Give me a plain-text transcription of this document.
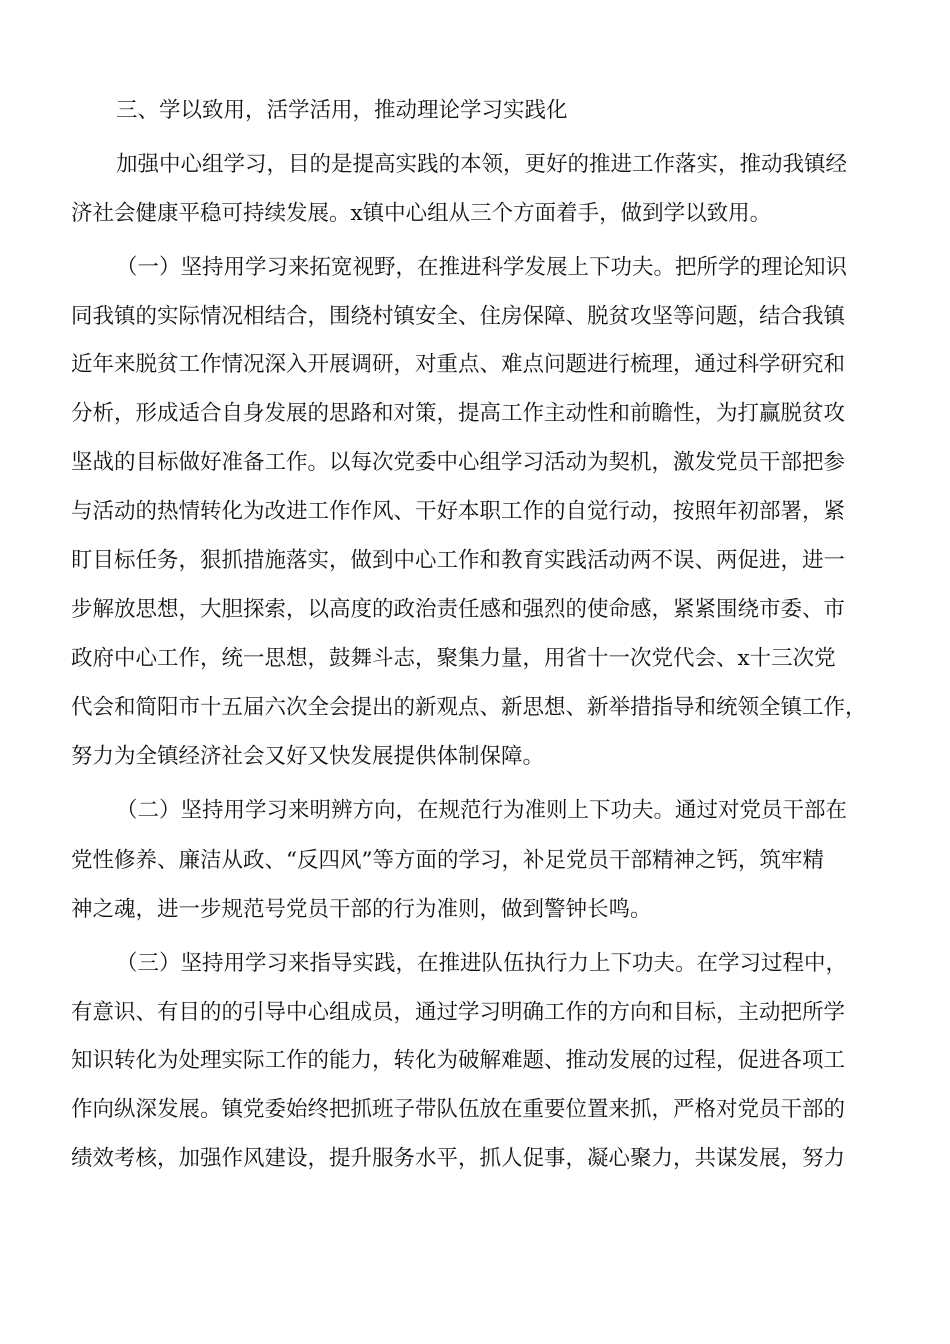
三、学以致用，活学活用，推动理论学习实践化

加强中心组学习，目的是提高实践的本领，更好的推进工作落实，推动我镇经

济社会健康平稳可持续发展。x镇中心组从三个方面着手，做到学以致用。

（一）坚持用学习来拓宽视野，在推进科学发展上下功夫。把所学的理论知识

同我镇的实际情况相结合，围绕村镇安全、住房保障、脱贫攻坚等问题，结合我镇

近年来脱贫工作情况深入开展调研，对重点、难点问题进行梳理，通过科学研究和

分析，形成适合自身发展的思路和对策，提高工作主动性和前瞻性，为打赢脱贫攻

坚战的目标做好准备工作。以每次党委中心组学习活动为契机，激发党员干部把参

与活动的热情转化为改进工作作风、干好本职工作的自觉行动，按照年初部署，紧

盯目标任务，狠抓措施落实，做到中心工作和教育实践活动两不误、两促进，进一

步解放思想，大胆探索，以高度的政治责任感和强烈的使命感，紧紧围绕市委、市

政府中心工作，统一思想，鼓舞斗志，聚集力量，用省十一次党代会、x十三次党

代会和简阳市十五届六次全会提出的新观点、新思想、新举措指导和统领全镇工作，

努力为全镇经济社会又好又快发展提供体制保障。

（二）坚持用学习来明辨方向，在规范行为准则上下功夫。通过对党员干部在

党性修养、廉洁从政、“反四风”等方面的学习，补足党员干部精神之钙，筑牢精

神之魂，进一步规范号党员干部的行为准则，做到警钟长鸣。

（三）坚持用学习来指导实践，在推进队伍执行力上下功夫。在学习过程中，

有意识、有目的的引导中心组成员，通过学习明确工作的方向和目标，主动把所学

知识转化为处理实际工作的能力，转化为破解难题、推动发展的过程，促进各项工

作向纵深发展。镇党委始终把抓班子带队伍放在重要位置来抓，严格对党员干部的

绩效考核，加强作风建设，提升服务水平，抓人促事，凝心聚力，共谋发展，努力
